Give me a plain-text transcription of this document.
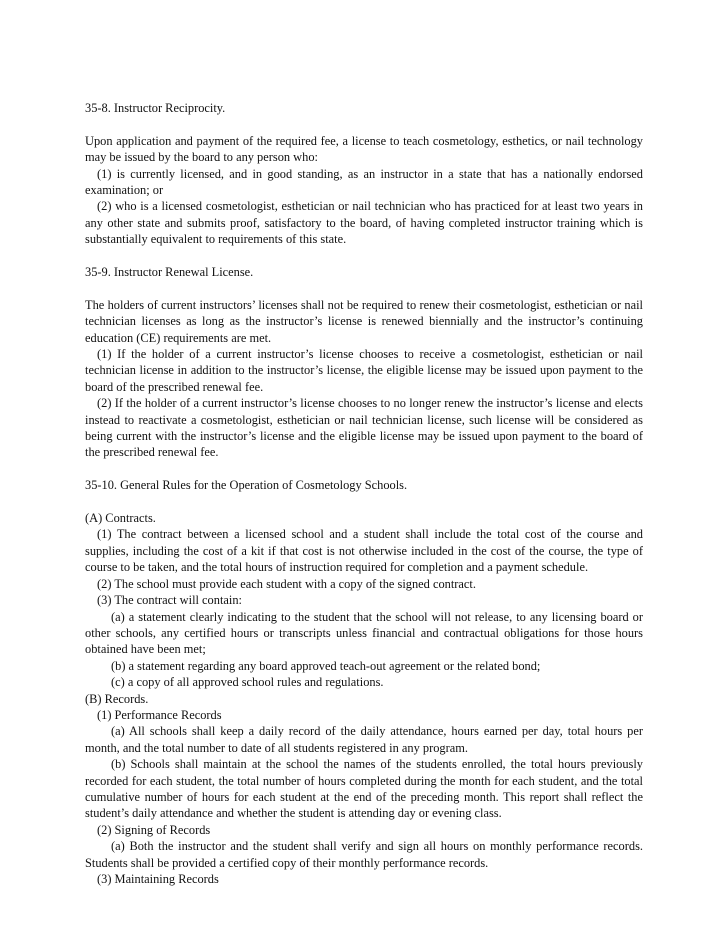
35-8. Instructor Reciprocity.

Upon application and payment of the required fee, a license to teach cosmetology, esthetics, or nail technology may be issued by the board to any person who:

(1) is currently licensed, and in good standing, as an instructor in a state that has a nationally endorsed examination; or

(2) who is a licensed cosmetologist, esthetician or nail technician who has practiced for at least two years in any other state and submits proof, satisfactory to the board, of having completed instructor training which is substantially equivalent to requirements of this state.

35-9. Instructor Renewal License.

The holders of current instructors’ licenses shall not be required to renew their cosmetologist, esthetician or nail technician licenses as long as the instructor’s license is renewed biennially and the instructor’s continuing education (CE) requirements are met.

(1) If the holder of a current instructor’s license chooses to receive a cosmetologist, esthetician or nail technician license in addition to the instructor’s license, the eligible license may be issued upon payment to the board of the prescribed renewal fee.

(2) If the holder of a current instructor’s license chooses to no longer renew the instructor’s license and elects instead to reactivate a cosmetologist, esthetician or nail technician license, such license will be considered as being current with the instructor’s license and the eligible license may be issued upon payment to the board of the prescribed renewal fee.

35-10. General Rules for the Operation of Cosmetology Schools.

(A) Contracts.

(1) The contract between a licensed school and a student shall include the total cost of the course and supplies, including the cost of a kit if that cost is not otherwise included in the cost of the course, the type of course to be taken, and the total hours of instruction required for completion and a payment schedule.

(2) The school must provide each student with a copy of the signed contract.

(3) The contract will contain:

(a) a statement clearly indicating to the student that the school will not release, to any licensing board or other schools, any certified hours or transcripts unless financial and contractual obligations for those hours obtained have been met;

(b) a statement regarding any board approved teach-out agreement or the related bond;

(c) a copy of all approved school rules and regulations.

(B) Records.

(1) Performance Records

(a) All schools shall keep a daily record of the daily attendance, hours earned per day, total hours per month, and the total number to date of all students registered in any program.

(b) Schools shall maintain at the school the names of the students enrolled, the total hours previously recorded for each student, the total number of hours completed during the month for each student, and the total cumulative number of hours for each student at the end of the preceding month. This report shall reflect the student’s daily attendance and whether the student is attending day or evening class.

(2) Signing of Records

(a) Both the instructor and the student shall verify and sign all hours on monthly performance records. Students shall be provided a certified copy of their monthly performance records.

(3) Maintaining Records
